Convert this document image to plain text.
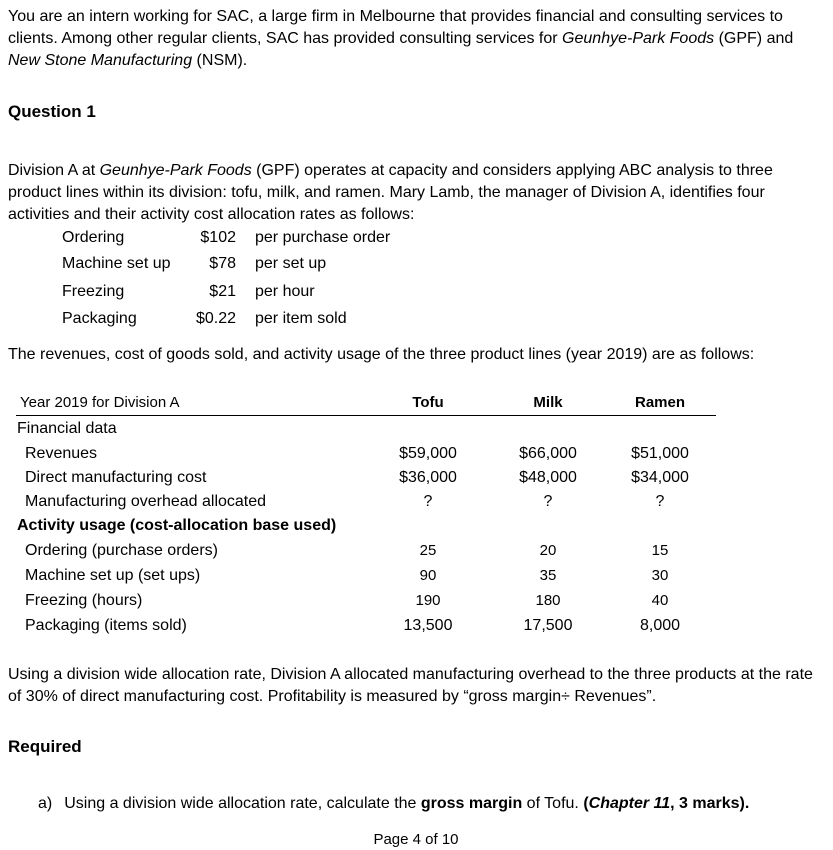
You are an intern working for SAC, a large firm in Melbourne that provides financial and consulting services to clients. Among other regular clients, SAC has provided consulting services for Geunhye-Park Foods (GPF) and New Stone Manufacturing (NSM).

Question 1

Division A at Geunhye-Park Foods (GPF) operates at capacity and considers applying ABC analysis to three product lines within its division: tofu, milk, and ramen. Mary Lamb, the manager of Division A, identifies four activities and their activity cost allocation rates as follows:

Ordering	$102 per purchase order
Machine set up	$78 per set up
Freezing	$21 per hour
Packaging	$0.22 per item sold
The revenues, cost of goods sold, and activity usage of the three product lines (year 2019) are as follows:
Year 2019 for Division A	Tofu	Milk	Ramen
Financial data
Revenues	$59,000	$66,000	$51,000
Direct manufacturing cost	$36,000	$48,000	$34,000
Manufacturing overhead allocated	?	?	?
Activity usage (cost-allocation base used)
Ordering (purchase orders)	25	20	15
Machine set up (set ups)	90	35	30
Freezing (hours)	190	180	40
Packaging (items sold)	13,500	17,500	8,000

Using a division wide allocation rate, Division A allocated manufacturing overhead to the three products at the rate of 30% of direct manufacturing cost. Profitability is measured by “gross margin÷ Revenues”.

Required
a) Using a division wide allocation rate, calculate the gross margin of Tofu. (Chapter 11, 3 marks).
Page 4 of 10
